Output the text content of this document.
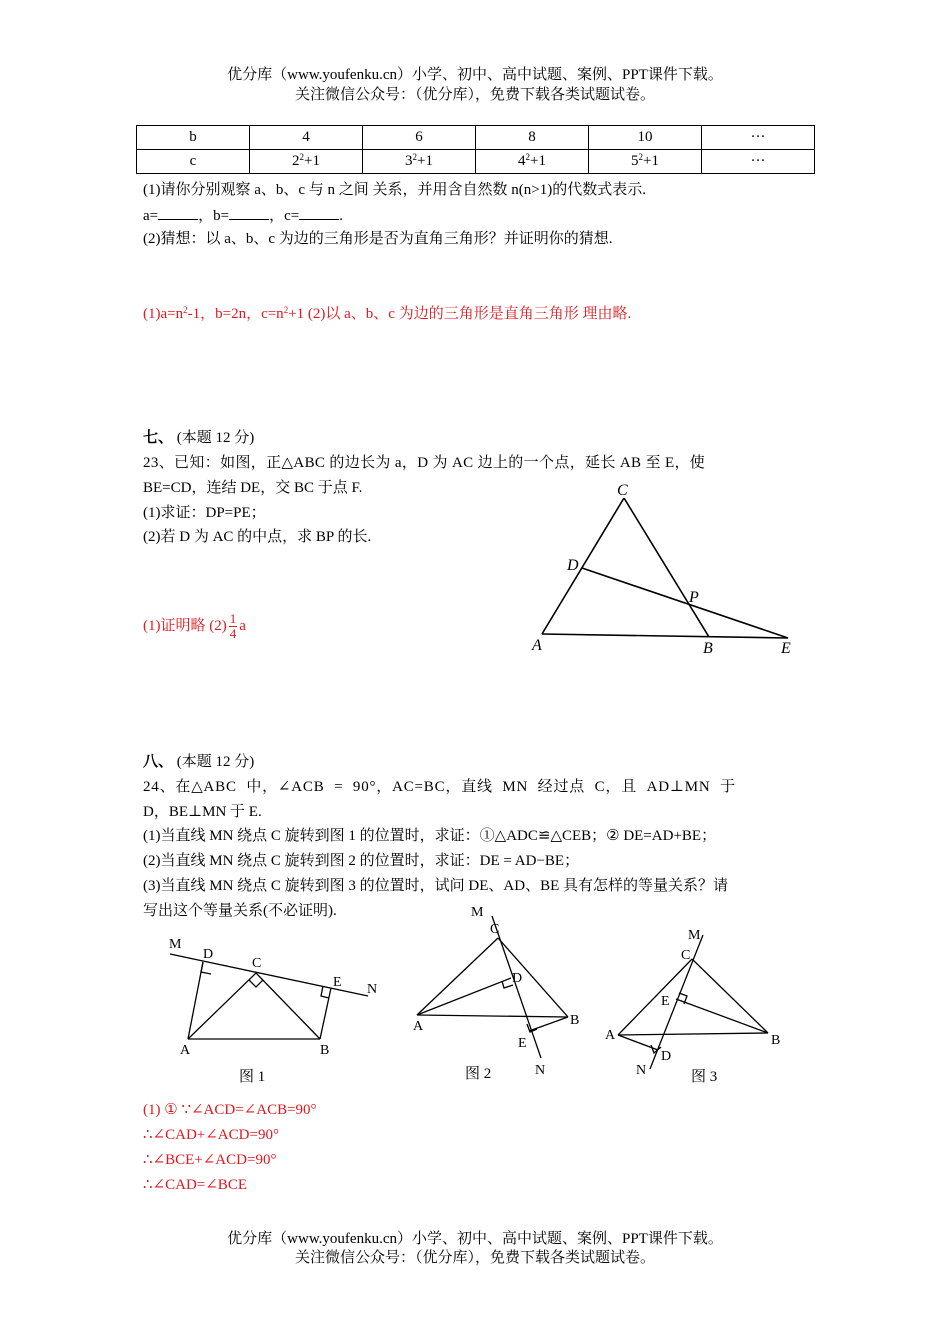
优分库（www.youfenku.cn）小学、初中、高中试题、案例、PPT课件下载。
关注微信公众号：（优分库），免费下载各类试题试卷。
b	4	6	8	10	···
c	$2^2+1$	$3^2+1$	$4^2+1$	$5^2+1$	···
(1)请你分别观察 a、b、c 与 n 之间 关系，并用含自然数 n(n>1)的代数式表示.
a=	，b=	，c=	.
(2)猜想：以 a、b、c 为边的三角形是否为直角三角形？并证明你的猜想.
$(1)a=n^2-1$，b=2n，$c=n^2+1$ (2)以 a、b、c 为边的三角形是直角三角形 理由略.
七、 (本题 12 分)
23、已知：如图，正△ABC 的边长为 a，D 为 AC 边上的一个点，延长 AB 至 E，使
BE=CD，连结 DE，交 BC 于点 F.
(1)求证：DP=PE；
(2)若 D 为 AC 的中点，求 BP 的长.
(1)证明略 $(2) \frac{1}{4}$ a
C
D
P
A	B	E
八、 (本题 12 分)
24、在△ABC 中，∠ACB = 90°，AC=BC，直线 MN 经过点 C，且 AD⊥MN 于
D，BE⊥MN 于 E.
(1)当直线 MN 绕点 C 旋转到图 1 的位置时，求证：①△ADC≌△CEB；② DE=AD+BE；
(2)当直线 MN 绕点 C 旋转到图 2 的位置时，求证：DE = AD−BE；
(3)当直线 MN 绕点 C 旋转到图 3 的位置时，试问 DE、AD、BE 具有怎样的等量关系？请
写出这个等量关系(不必证明).
M
D
C
E N
A	B
图 1
M
C
D
A	B
E
N
图 2
M
C
E
A	B
D
N	图 3
(1) ① ∵∠ACD=∠ACB=90°
∴∠CAD+∠ACD=90°
∴∠BCE+∠ACD=90°
∴∠CAD=∠BCE
优分库（www.youfenku.cn）小学、初中、高中试题、案例、PPT课件下载。
关注微信公众号：（优分库），免费下载各类试题试卷。
